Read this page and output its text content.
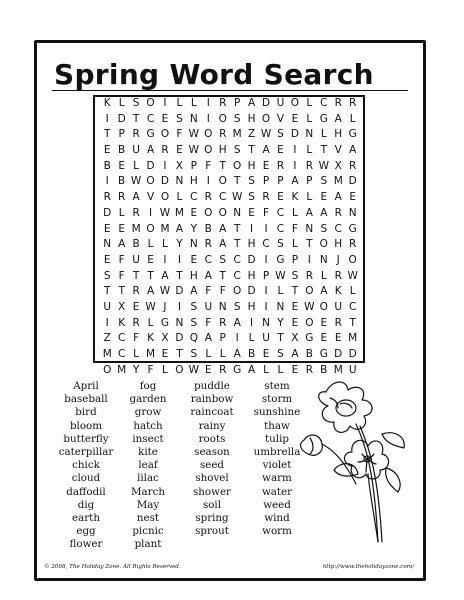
Spring Word Search
K L S O I L L I R P A D U O L C R R
I D T C E S N I O S H O V E L G A L
T P R G O F W O R M Z W S D N L H G
E B U A R E W O H S T A E I L T V A
B E L D I X P F T O H E R I R W X R
I B W O D N H I O T S P P A P S M D
R R A V O L C R C W S R E K L E A E
D L R I W M E O O N E F C L A A R N
E E M O M A Y B A T I	I C F N S C G
N A B L L Y N R A T H C S L T O H R
E F U E I	I E C S C D I G P I N J O
S F T T A T H A T C H P W S R L R W
T T R A W D A F F O D I L T O A K L
U X E W J	I S U N S H I N E W O U C
I K R L G N S F R A I N Y E O E R T
Z C F K X D Q A P I L U T X G E E M
M C L M E T S L L A B E S A B G D D
O M Y F L O W E R G A L L E R B M U
April
baseball
bird
bloom
butterfly
caterpillar
chick
cloud
daffodil
dig
earth
egg
flower
fog
garden
grow
hatch
insect
kite
leaf
lilac
March
May
nest
picnic
plant
puddle
rainbow
raincoat
rainy
roots
season
seed
shovel
shower
soil
spring
sprout
stem
storm
sunshine
thaw
tulip
umbrella
violet
warm
water
weed
wind
worm
© 2008, The Holiday Zone. All Rights Reserved.	http://www.theholidayzone.com/
